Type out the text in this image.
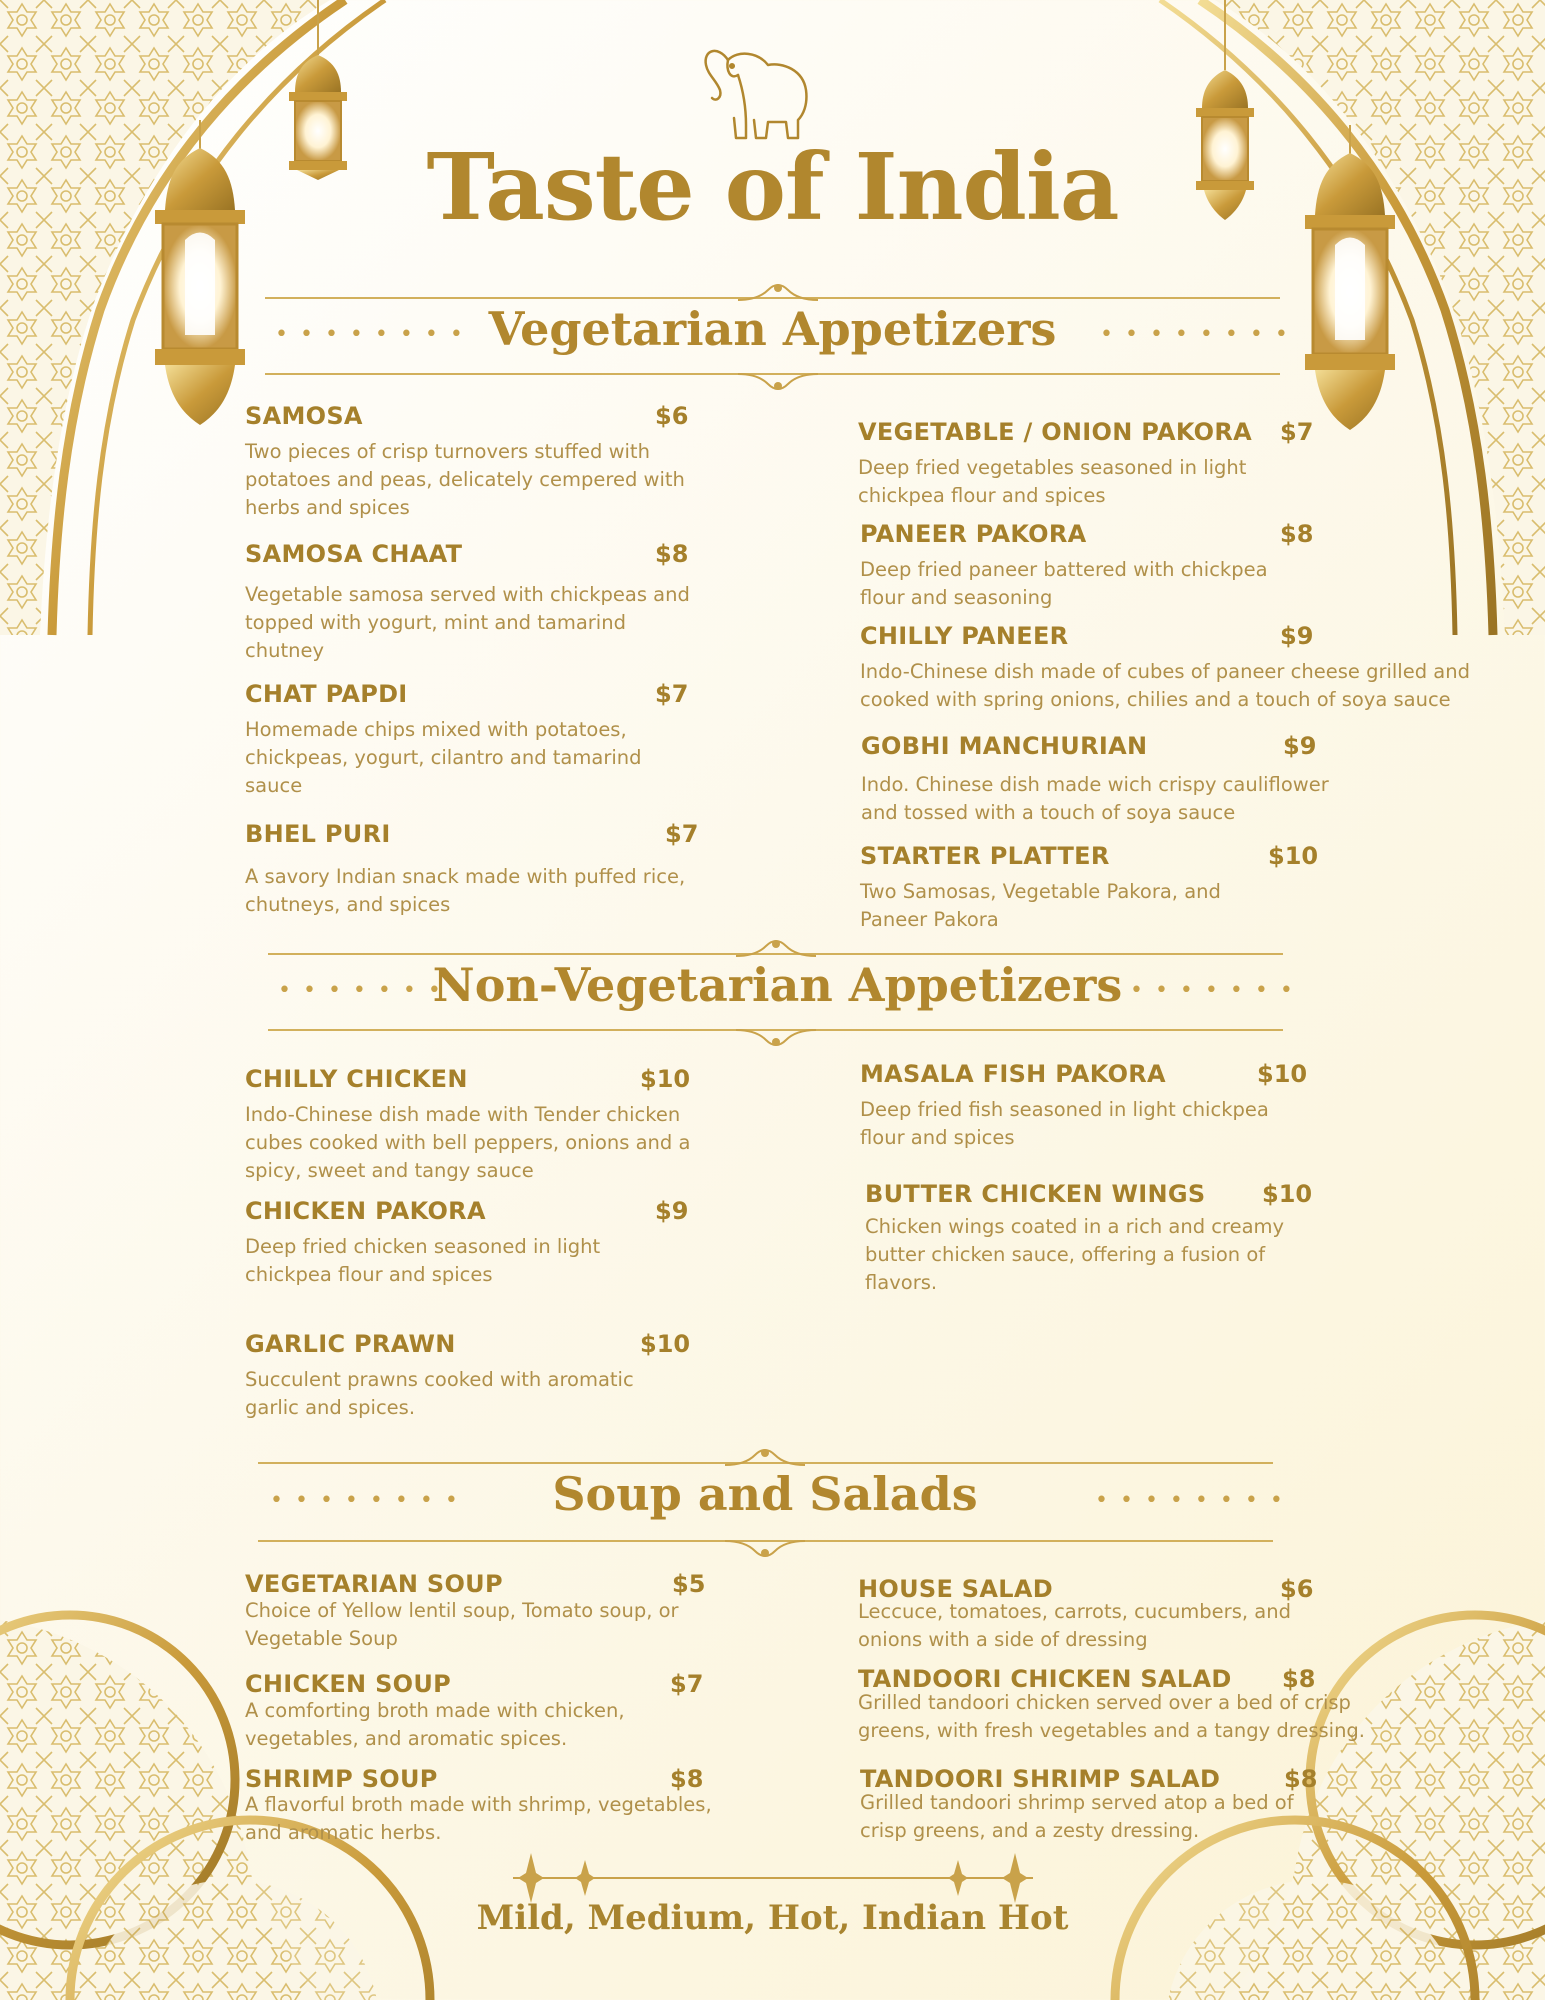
Taste of India
••••••••	••••••••
Vegetarian Appetizers
SAMOSA	$6
Two pieces of crisp turnovers stuffed with potatoes and peas, delicately cempered with herbs and spices
SAMOSA CHAAT	$8
Vegetable samosa served with chickpeas and topped with yogurt, mint and tamarind chutney
CHAT PAPDI	$7
Homemade chips mixed with potatoes, chickpeas, yogurt, cilantro and tamarind sauce
BHEL PURI	$7
A savory Indian snack made with puffed rice, chutneys, and spices
VEGETABLE / ONION PAKORA $7
Deep fried vegetables seasoned in light chickpea flour and spices
PANEER PAKORA	$8
Deep fried paneer battered with chickpea flour and seasoning
CHILLY PANEER	$9
Indo-Chinese dish made of cubes of paneer cheese grilled and cooked with spring onions, chilies and a touch of soya sauce
GOBHI MANCHURIAN	$9
Indo. Chinese dish made wich crispy cauliflower and tossed with a touch of soya sauce
STARTER PLATTER	$10
Two Samosas, Vegetable Pakora, and Paneer Pakora
••••••••	••••••••
Non-Vegetarian Appetizers
CHILLY CHICKEN	$10
Indo-Chinese dish made with Tender chicken cubes cooked with bell peppers, onions and a spicy, sweet and tangy sauce
CHICKEN PAKORA	$9
Deep fried chicken seasoned in light chickpea flour and spices
GARLIC PRAWN	$10
Succulent prawns cooked with aromatic garlic and spices.
MASALA FISH PAKORA	$10
Deep fried fish seasoned in light chickpea flour and spices
BUTTER CHICKEN WINGS $10
Chicken wings coated in a rich and creamy butter chicken sauce, offering a fusion of flavors.
••••••••	••••••••
Soup and Salads
VEGETARIAN SOUP	$5
Choice of Yellow lentil soup, Tomato soup, or Vegetable Soup
CHICKEN SOUP	$7
A comforting broth made with chicken, vegetables, and aromatic spices.
SHRIMP SOUP	$8
A flavorful broth made with shrimp, vegetables, and aromatic herbs.
HOUSE SALAD	$6
Leccuce, tomatoes, carrots, cucumbers, and onions with a side of dressing
TANDOORI CHICKEN SALAD $8
Grilled tandoori chicken served over a bed of crisp greens, with fresh vegetables and a tangy dressing.
TANDOORI SHRIMP SALAD	$8
Grilled tandoori shrimp served atop a bed of crisp greens, and a zesty dressing.
Mild, Medium, Hot, Indian Hot
